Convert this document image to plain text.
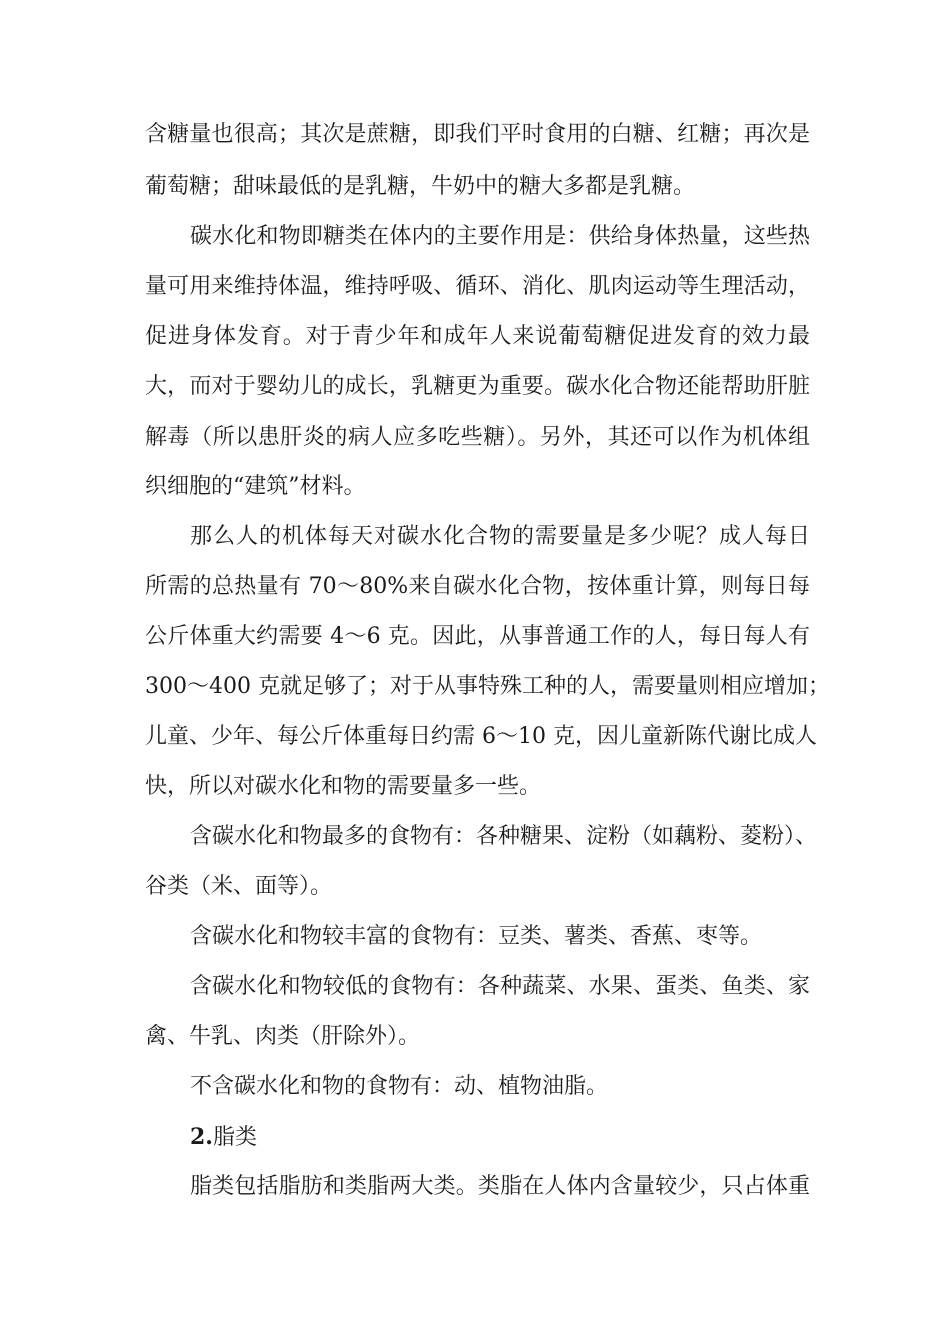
含糖量也很高；其次是蔗糖，即我们平时食用的白糖、红糖；再次是
葡萄糖；甜味最低的是乳糖，牛奶中的糖大多都是乳糖。
碳水化和物即糖类在体内的主要作用是：供给身体热量，这些热
量可用来维持体温，维持呼吸、循环、消化、肌肉运动等生理活动，
促进身体发育。对于青少年和成年人来说葡萄糖促进发育的效力最
大，而对于婴幼儿的成长，乳糖更为重要。碳水化合物还能帮助肝脏
解毒（所以患肝炎的病人应多吃些糖）。另外，其还可以作为机体组
织细胞的“建筑”材料。
那么人的机体每天对碳水化合物的需要量是多少呢？成人每日
所需的总热量有 70～80%来自碳水化合物，按体重计算，则每日每
公斤体重大约需要 4～6 克。因此，从事普通工作的人，每日每人有
300～400 克就足够了；对于从事特殊工种的人，需要量则相应增加；
儿童、少年、每公斤体重每日约需 6～10 克，因儿童新陈代谢比成人
快，所以对碳水化和物的需要量多一些。
含碳水化和物最多的食物有：各种糖果、淀粉（如藕粉、菱粉）、
谷类（米、面等）。
含碳水化和物较丰富的食物有：豆类、薯类、香蕉、枣等。
含碳水化和物较低的食物有：各种蔬菜、水果、蛋类、鱼类、家
禽、牛乳、肉类（肝除外）。
不含碳水化和物的食物有：动、植物油脂。
2.脂类
脂类包括脂肪和类脂两大类。类脂在人体内含量较少，只占体重
